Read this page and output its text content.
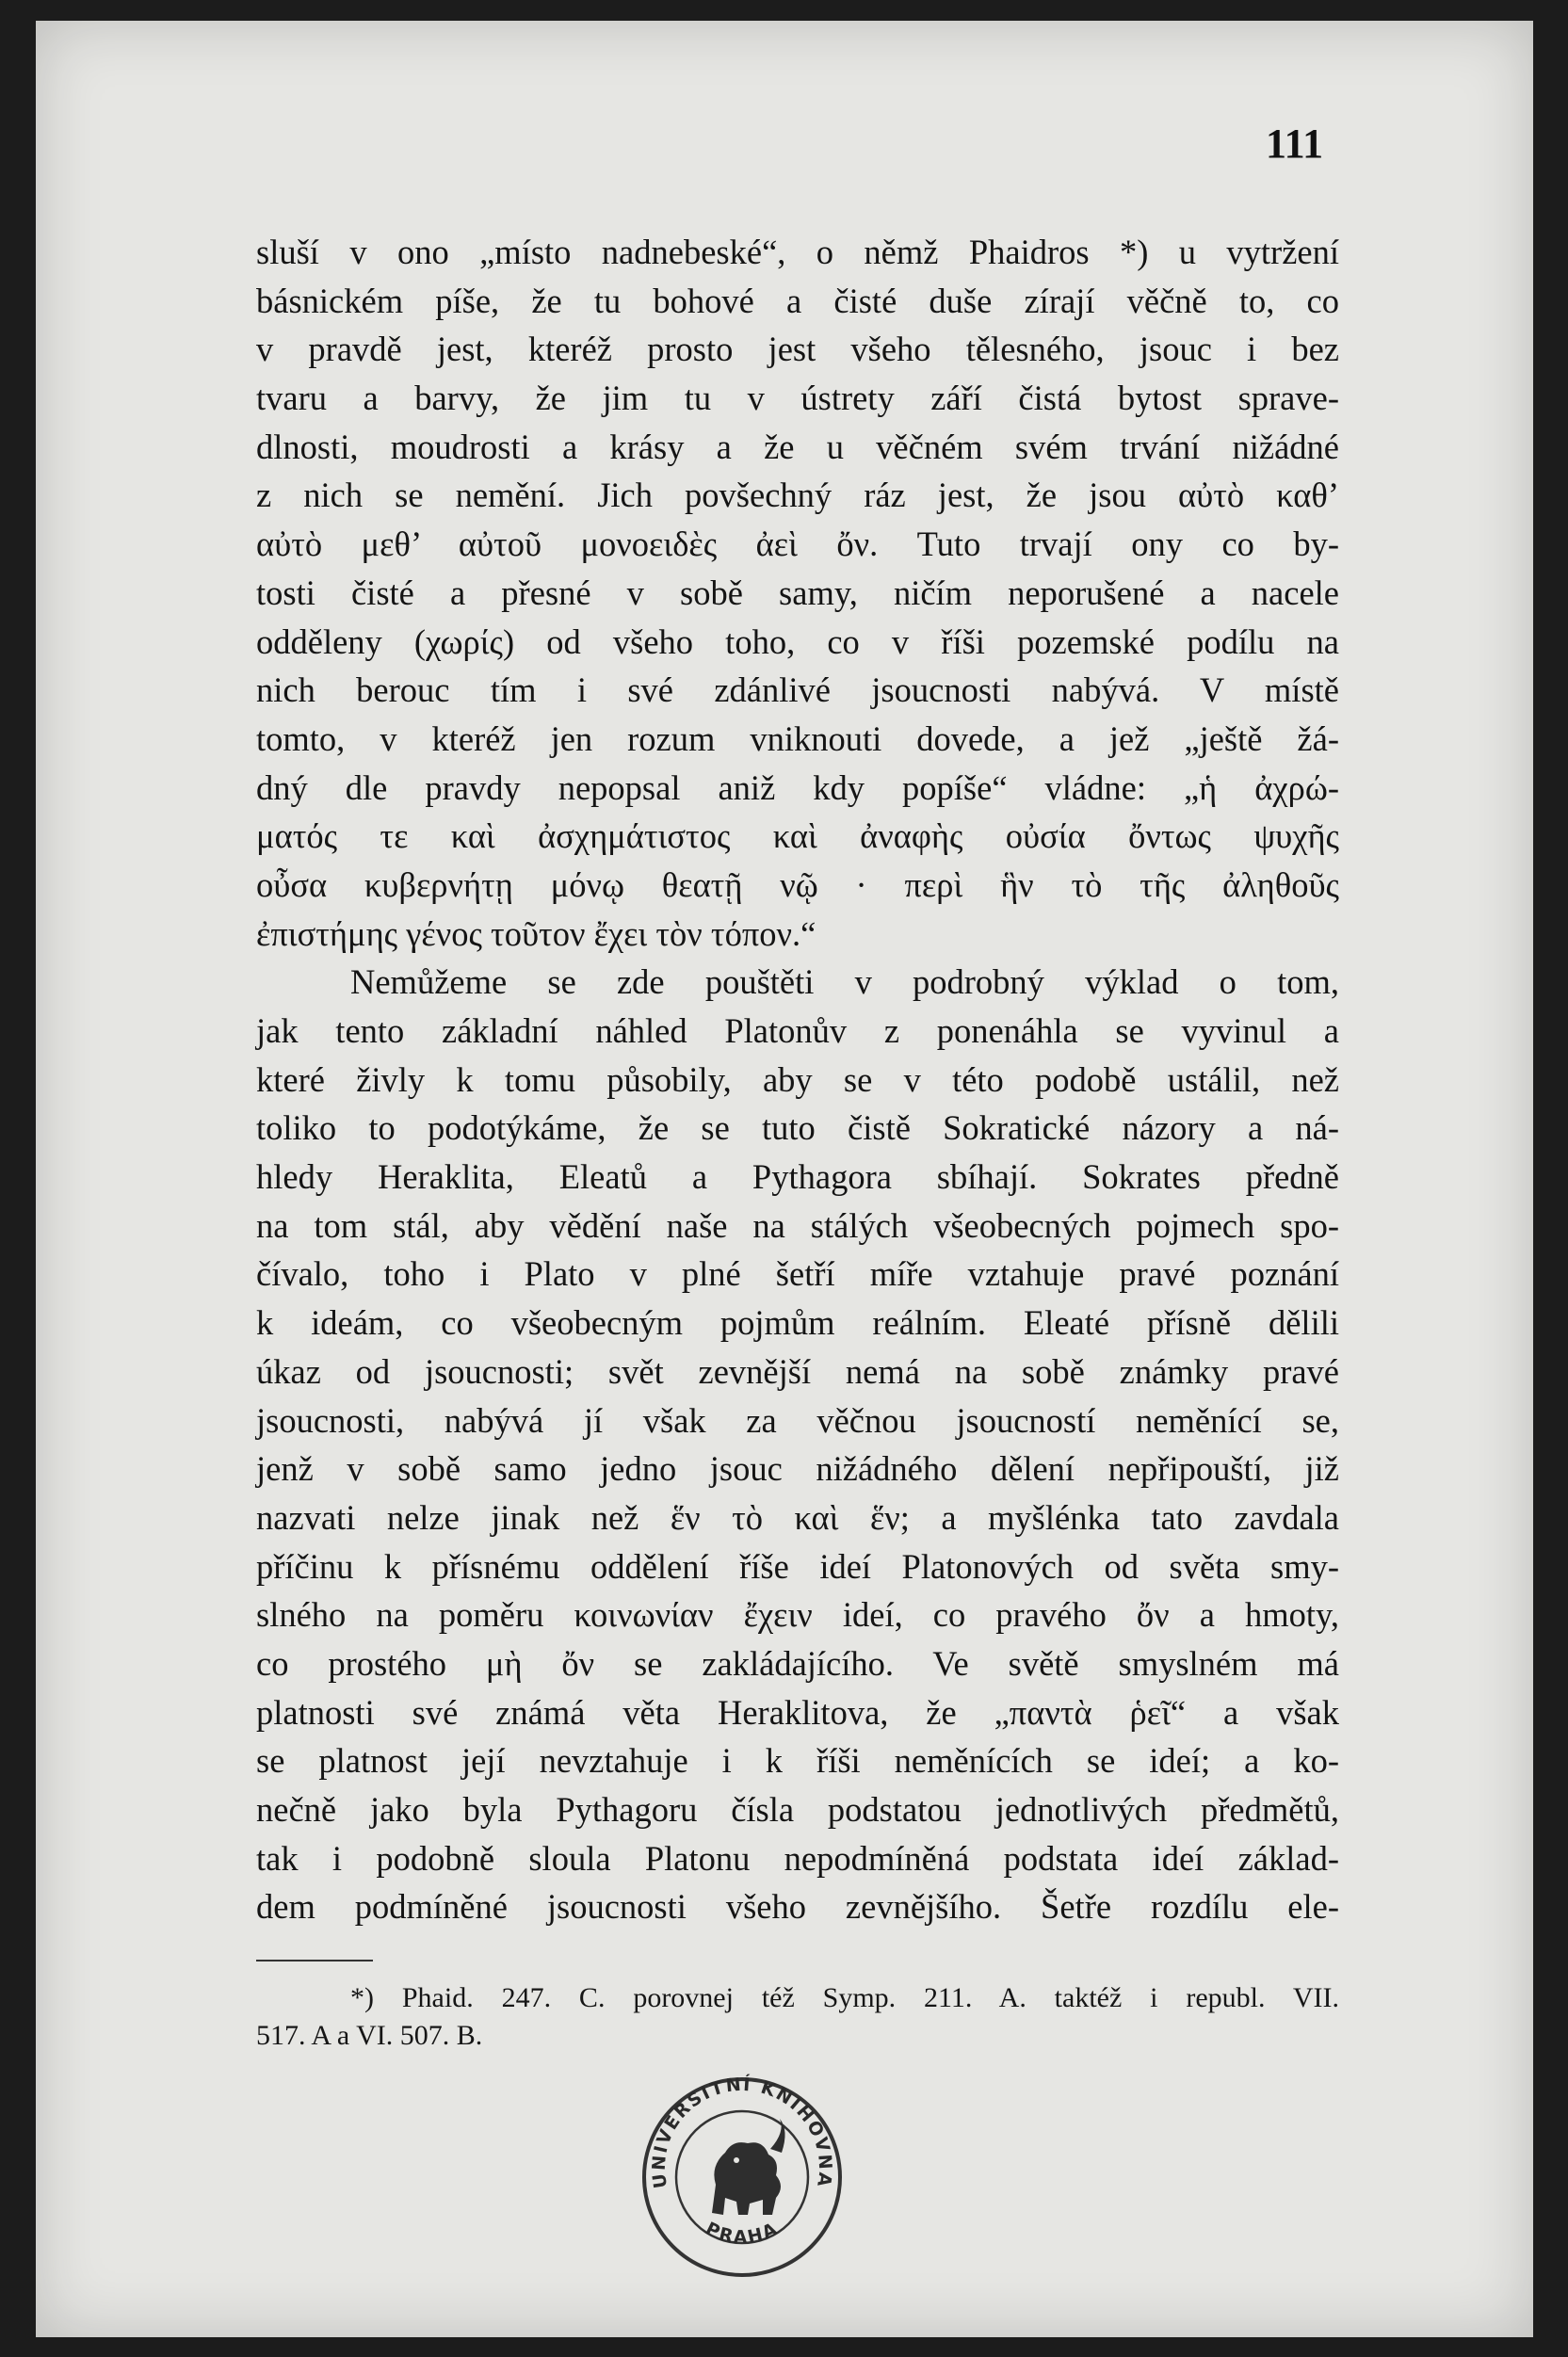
111
sluší v ono „místo nadnebeské“, o němž Phaidros *) u vytržení
básnickém píše, že tu bohové a čisté duše zírají věčně to, co
v pravdě jest, kteréž prosto jest všeho tělesného, jsouc i bez
tvaru a barvy, že jim tu v ústrety září čistá bytost sprave-
dlnosti, moudrosti a krásy a že u věčném svém trvání nižádné
z nich se nemění. Jich povšechný ráz jest, že jsou αὐτὸ καθ’
αὐτὸ μεθ’ αὐτοῦ μονοειδὲς ἀεὶ ὄν. Tuto trvají ony co by-
tosti čisté a přesné v sobě samy, ničím neporušené a nacele
odděleny (χωρίς) od všeho toho, co v říši pozemské podílu na
nich berouc tím i své zdánlivé jsoucnosti nabývá. V místě
tomto, v kteréž jen rozum vniknouti dovede, a jež „ještě žá-
dný dle pravdy nepopsal aniž kdy popíše“ vládne: „ἡ ἀχρώ-
ματός τε καὶ ἀσχημάτιστος καὶ ἀναφὴς οὐσία ὄντως ψυχῆς
οὖσα κυβερνήτῃ μόνῳ θεατῇ νῷ · περὶ ἣν τὸ τῆς ἀληθοῦς
ἐπιστήμης γένος τοῦτον ἔχει τὸν τόπον.“
Nemůžeme se zde pouštěti v podrobný výklad o tom,
jak tento základní náhled Platonův z ponenáhla se vyvinul a
které živly k tomu působily, aby se v této podobě ustálil, než
toliko to podotýkáme, že se tuto čistě Sokratické názory a ná-
hledy Heraklita, Eleatů a Pythagora sbíhají. Sokrates předně
na tom stál, aby vědění naše na stálých všeobecných pojmech spo-
čívalo, toho i Plato v plné šetří míře vztahuje pravé poznání
k ideám, co všeobecným pojmům reálním. Eleaté přísně dělili
úkaz od jsoucnosti; svět zevnější nemá na sobě známky pravé
jsoucnosti, nabývá jí však za věčnou jsoucností neměnící se,
jenž v sobě samo jedno jsouc nižádného dělení nepřipouští, již
nazvati nelze jinak než ἕν τὸ καὶ ἕν; a myšlénka tato zavdala
příčinu k přísnému oddělení říše ideí Platonových od světa smy-
slného na poměru κοινωνίαν ἔχειν ideí, co pravého ὄν a hmoty,
co prostého μὴ ὄν se zakládajícího. Ve světě smyslném má
platnosti své známá věta Heraklitova, že „παντὰ ῥεῖ“ a však
se platnost její nevztahuje i k říši neměnících se ideí; a ko-
nečně jako byla Pythagoru čísla podstatou jednotlivých předmětů,
tak i podobně sloula Platonu nepodmíněná podstata ideí základ-
dem podmíněné jsoucnosti všeho zevnějšího. Šetře rozdílu ele-
*) Phaid. 247. C. porovnej též Symp. 211. A. taktéž i republ. VII.
517. A a VI. 507. B.
UNIVERSITNÍ KNIHOVNA
PRAHA
